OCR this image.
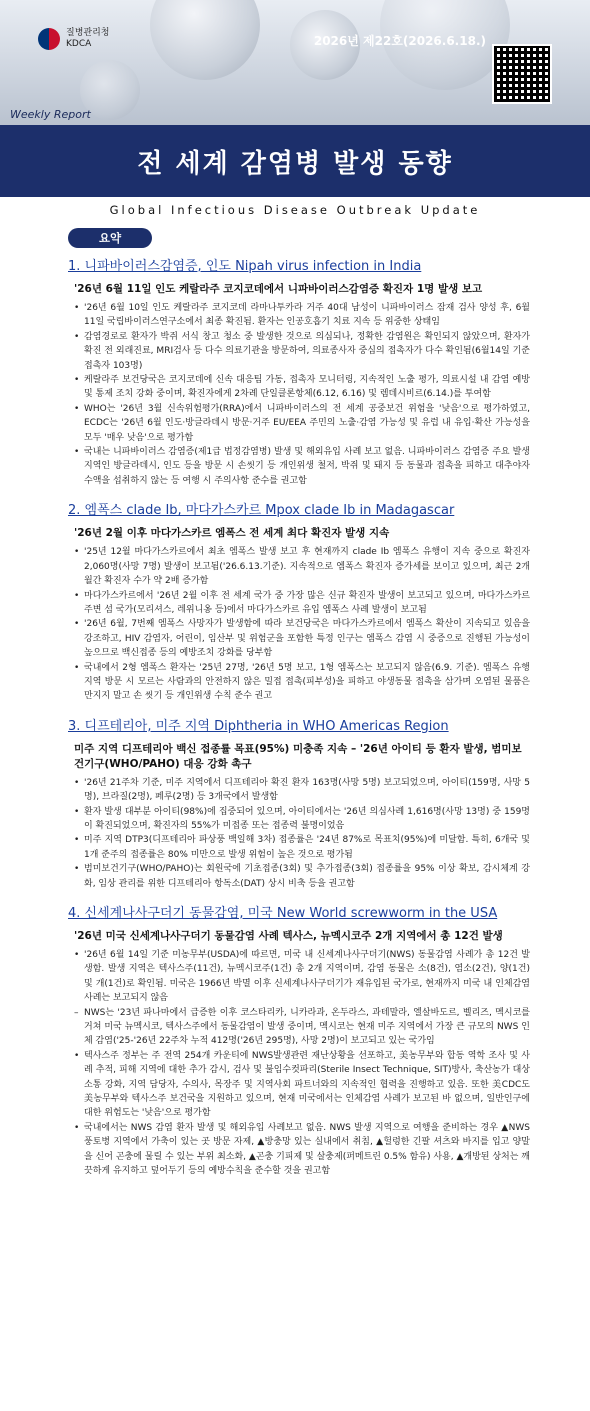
질병관리청
KDCA	2026년 제22호(2026.6.18.)
Weekly Report
전 세계 감염병 발생 동향
Global Infectious Disease Outbreak Update
요약
1. 니파바이러스감염증, 인도 Nipah virus infection in India
'26년 6월 11일 인도 케랄라주 코지코데에서 니파바이러스감염증 확진자 1명 발생 보고
• '26년 6월 10일 인도 케랄라주 코지코데 라마나투카라 거주 40대 남성이 니파바이러스 잠재 검사 양성 후, 6월 11일 국립바이러스연구소에서 최종 확진됨. 환자는 인공호흡기 치료 지속 등 위중한 상태임
• 감염경로로 환자가 박쥐 서식 창고 청소 중 발생한 것으로 의심되나, 정확한 감염원은 확인되지 않았으며, 환자가 확진 전 외래진료, MRI검사 등 다수 의료기관을 방문하여, 의료종사자 중심의 접촉자가 다수 확인됨(6월14일 기준 접촉자 103명)
• 케랄라주 보건당국은 코지코데에 신속 대응팀 가동, 접촉자 모니터링, 지속적인 노출 평가, 의료시설 내 감염 예방 및 통제 조치 강화 중이며, 확진자에게 2차례 단일클론항체(6.12, 6.16) 및 렘데시비르(6.14.)를 투여함
• WHO는 '26년 3월 신속위험평가(RRA)에서 니파바이러스의 전 세계 공중보건 위험을 '낮음'으로 평가하였고, ECDC는 '26년 6월 인도·방글라데시 방문·거주 EU/EEA 주민의 노출·감염 가능성 및 유럽 내 유입·확산 가능성을 모두 '매우 낮음'으로 평가함
• 국내는 니파바이러스 감염증(제1급 법정감염병) 발생 및 해외유입 사례 보고 없음. 니파바이러스 감염증 주요 발생 지역인 방글라데시, 인도 등을 방문 시 손씻기 등 개인위생 철저, 박쥐 및 돼지 등 동물과 접촉을 피하고 대추야자 수액을 섭취하지 않는 등 여행 시 주의사항 준수를 권고함
2. 엠폭스 clade Ib, 마다가스카르 Mpox clade Ib in Madagascar
'26년 2월 이후 마다가스카르 엠폭스 전 세계 최다 확진자 발생 지속
• '25년 12월 마다가스카르에서 최초 엠폭스 발생 보고 후 현재까지 clade Ib 엠폭스 유행이 지속 중으로 확진자 2,060명(사망 7명) 발생이 보고됨('26.6.13.기준). 지속적으로 엠폭스 확진자 증가세를 보이고 있으며, 최근 2개월간 확진자 수가 약 2배 증가함
• 마다가스카르에서 '26년 2월 이후 전 세계 국가 중 가장 많은 신규 확진자 발생이 보고되고 있으며, 마다가스카르 주변 섬 국가(모리셔스, 레위니옹 등)에서 마다가스카르 유입 엠폭스 사례 발생이 보고됨
• '26년 6월, 7번째 엠폭스 사망자가 발생함에 따라 보건당국은 마다가스카르에서 엠폭스 확산이 지속되고 있음을 강조하고, HIV 감염자, 어린이, 임산부 및 위험군을 포함한 특정 인구는 엠폭스 감염 시 중증으로 진행된 가능성이 높으므로 백신접종 등의 예방조치 강화를 당부함
• 국내에서 2형 엠폭스 환자는 '25년 27명, '26년 5명 보고, 1형 엠폭스는 보고되지 않음(6.9. 기준). 엠폭스 유행 지역 방문 시 모르는 사람과의 안전하지 않은 밀접 접촉(피부성)을 피하고 야생동물 접촉을 삼가며 오염된 물품은 만지지 말고 손 씻기 등 개인위생 수칙 준수 권고
3. 디프테리아, 미주 지역 Diphtheria in WHO Americas Region
미주 지역 디프테리아 백신 접종률 목표(95%) 미충족 지속 – '26년 아이티 등 환자 발생, 범미보건기구(WHO/PAHO) 대응 강화 촉구
• '26년 21주차 기준, 미주 지역에서 디프테리아 확진 환자 163명(사망 5명) 보고되었으며, 아이티(159명, 사망 5명), 브라질(2명), 페루(2명) 등 3개국에서 발생함
• 환자 발생 대부분 아이티(98%)에 집중되어 있으며, 아이티에서는 '26년 의심사례 1,616명(사망 13명) 중 159명이 확진되었으며, 확진자의 55%가 미접종 또는 접종력 불명이었음
• 미주 지역 DTP3(디프테리아 파상풍 백일해 3차) 접종률은 '24년 87%로 목표치(95%)에 미달함. 특히, 6개국 및 1개 준주의 접종률은 80% 미만으로 발생 위험이 높은 것으로 평가됨
• 범미보건기구(WHO/PAHO)는 회원국에 기초접종(3회) 및 추가접종(3회) 접종률을 95% 이상 확보, 감시체계 강화, 임상 관리를 위한 디프테리아 항독소(DAT) 상시 비축 등을 권고함
4. 신세계나사구더기 동물감염, 미국 New World screwworm in the USA
'26년 미국 신세계나사구더기 동물감염 사례 텍사스, 뉴멕시코주 2개 지역에서 총 12건 발생
• '26년 6월 14일 기준 미농무부(USDA)에 따르면, 미국 내 신세계나사구더기(NWS) 동물감염 사례가 총 12건 발생함. 발생 지역은 텍사스주(11건), 뉴멕시코주(1건) 총 2개 지역이며, 감염 동물은 소(8건), 염소(2건), 양(1건) 및 개(1건)로 확인됨. 미국은 1966년 박멸 이후 신세계나사구더기가 재유입된 국가로, 현재까지 미국 내 인체감염 사례는 보고되지 않음
– NWS는 '23년 파나마에서 급증한 이후 코스타리카, 니카라과, 온두라스, 과테말라, 엘살바도르, 벨리즈, 멕시코를 거쳐 미국 뉴멕시코, 텍사스주에서 동물감염이 발생 중이며, 멕시코는 현재 미주 지역에서 가장 큰 규모의 NWS 인체 감염('25-'26년 22주차 누적 412명('26년 295명), 사망 2명)이 보고되고 있는 국가임
• 텍사스주 정부는 주 전역 254개 카운티에 NWS발생관련 재난상황을 선포하고, 美농무부와 합동 역학 조사 및 사례 추적, 피해 지역에 대한 추가 감시, 검사 및 불임수컷파리(Sterile Insect Technique, SIT)방사, 축산농가 대상 소통 강화, 지역 담당자, 수의사, 목장주 및 지역사회 파트너와의 지속적인 협력을 진행하고 있음. 또한 美CDC도 美농무부와 텍사스주 보건국을 지원하고 있으며, 현재 미국에서는 인체감염 사례가 보고된 바 없으며, 일반인구에 대한 위험도는 '낮음'으로 평가함
• 국내에서는 NWS 감염 환자 발생 및 해외유입 사례보고 없음. NWS 발생 지역으로 여행을 준비하는 경우 ▲NWS 풍토병 지역에서 가축이 있는 곳 방문 자제, ▲방충망 있는 실내에서 취침, ▲헐렁한 긴팔 셔츠와 바지를 입고 양말을 신어 곤충에 물릴 수 있는 부위 최소화, ▲곤충 기피제 및 살충제(퍼메트린 0.5% 함유) 사용, ▲개방된 상처는 깨끗하게 유지하고 덮어두기 등의 예방수칙을 준수할 것을 권고함
